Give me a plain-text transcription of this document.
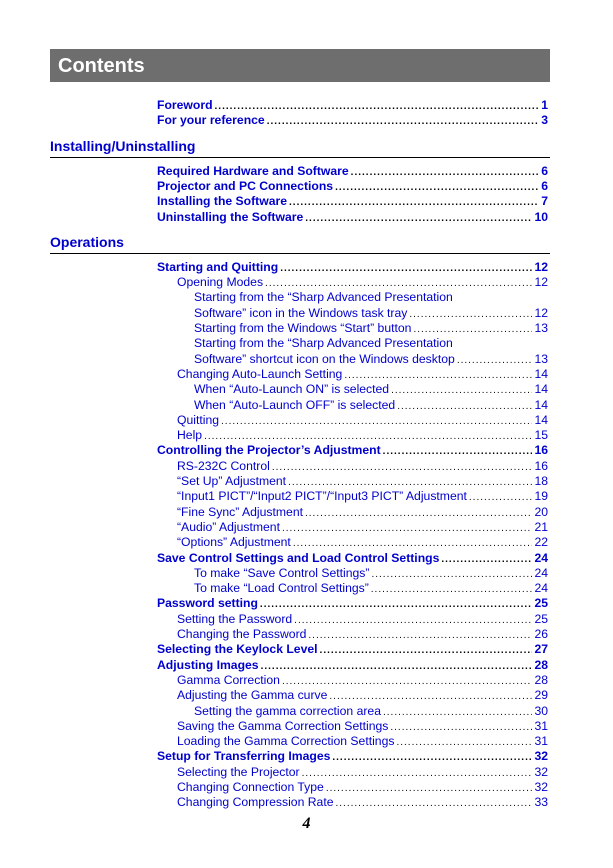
Contents
Foreword .....	1
For your reference .....	3
Installing/Uninstalling
Required Hardware and Software .....	6
Projector and PC Connections .....	6
Installing the Software .....	7
Uninstalling the Software .....	10
Operations
Starting and Quitting .....	12
Opening Modes .....	12
Starting from the “Sharp Advanced Presentation
Software” icon in the Windows task tray .....	12
Starting from the Windows “Start” button .....	13
Starting from the “Sharp Advanced Presentation
Software” shortcut icon on the Windows desktop .....	13
Changing Auto-Launch Setting .....	14
When “Auto-Launch ON” is selected .....	14
When “Auto-Launch OFF” is selected .....	14
Quitting .....	14
Help .....	15
Controlling the Projector’s Adjustment .....	16
RS-232C Control .....	16
“Set Up” Adjustment .....	18
“Input1 PICT”/“Input2 PICT”/“Input3 PICT” Adjustment .....	19
“Fine Sync” Adjustment .....	20
“Audio” Adjustment .....	21
“Options” Adjustment .....	22
Save Control Settings and Load Control Settings .....	24
To make “Save Control Settings” .....	24
To make “Load Control Settings” .....	24
Password setting .....	25
Setting the Password .....	25
Changing the Password .....	26
Selecting the Keylock Level .....	27
Adjusting Images .....	28
Gamma Correction .....	28
Adjusting the Gamma curve .....	29
Setting the gamma correction area .....	30
Saving the Gamma Correction Settings .....	31
Loading the Gamma Correction Settings .....	31
Setup for Transferring Images .....	32
Selecting the Projector .....	32
Changing Connection Type .....	32
Changing Compression Rate .....	33
4
